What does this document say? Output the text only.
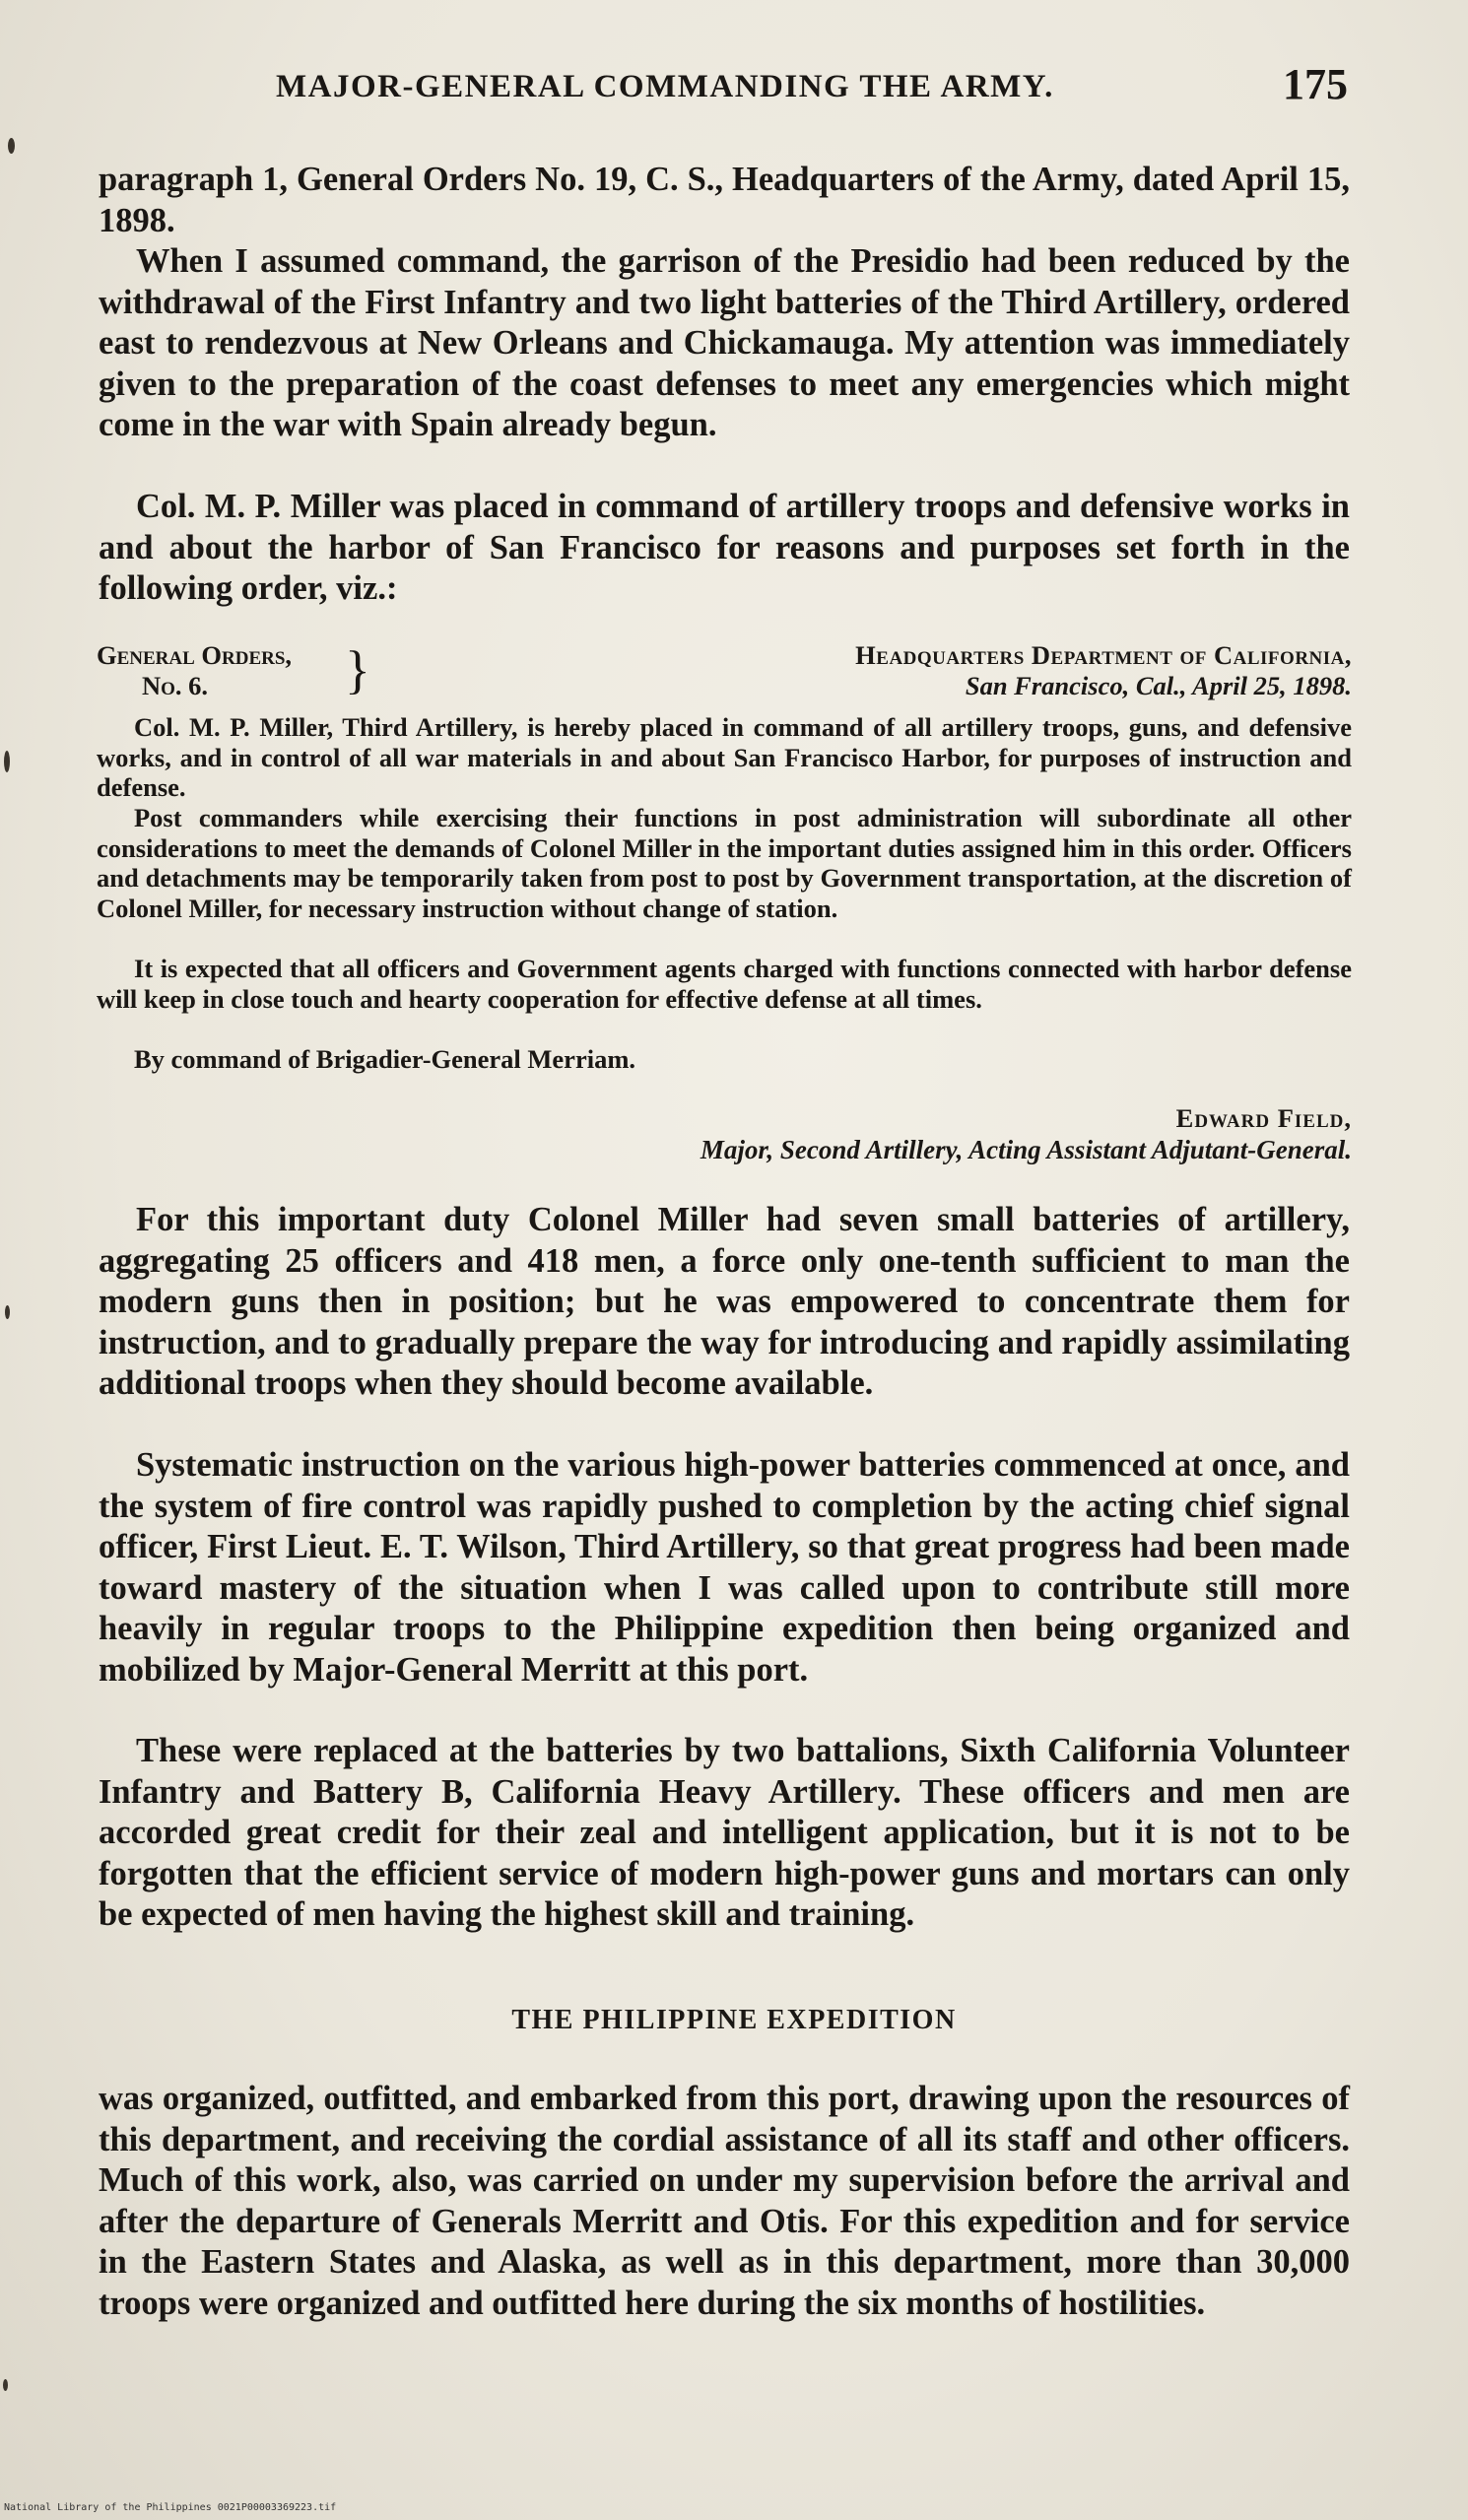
MAJOR-GENERAL COMMANDING THE ARMY.	175

paragraph 1, General Orders No. 19, C. S., Headquarters of the Army, dated April 15, 1898.

When I assumed command, the garrison of the Presidio had been reduced by the withdrawal of the First Infantry and two light batteries of the Third Artillery, ordered east to rendezvous at New Orleans and Chickamauga. My attention was immediately given to the preparation of the coast defenses to meet any emergencies which might come in the war with Spain already begun.

Col. M. P. Miller was placed in command of artillery troops and defensive works in and about the harbor of San Francisco for reasons and purposes set forth in the following order, viz.:

General Orders,
No. 6.	}	Headquarters Department of California,
San Francisco, Cal., April 25, 1898.

Col. M. P. Miller, Third Artillery, is hereby placed in command of all artillery troops, guns, and defensive works, and in control of all war materials in and about San Francisco Harbor, for purposes of instruction and defense.

Post commanders while exercising their functions in post administration will subordinate all other considerations to meet the demands of Colonel Miller in the important duties assigned him in this order. Officers and detachments may be temporarily taken from post to post by Government transportation, at the discretion of Colonel Miller, for necessary instruction without change of station.

It is expected that all officers and Government agents charged with functions connected with harbor defense will keep in close touch and hearty cooperation for effective defense at all times.

By command of Brigadier-General Merriam.

Edward Field,
Major, Second Artillery, Acting Assistant Adjutant-General.

For this important duty Colonel Miller had seven small batteries of artillery, aggregating 25 officers and 418 men, a force only one-tenth sufficient to man the modern guns then in position; but he was empowered to concentrate them for instruction, and to gradually prepare the way for introducing and rapidly assimilating additional troops when they should become available.

Systematic instruction on the various high-power batteries commenced at once, and the system of fire control was rapidly pushed to completion by the acting chief signal officer, First Lieut. E. T. Wilson, Third Artillery, so that great progress had been made toward mastery of the situation when I was called upon to contribute still more heavily in regular troops to the Philippine expedition then being organized and mobilized by Major-General Merritt at this port.

These were replaced at the batteries by two battalions, Sixth California Volunteer Infantry and Battery B, California Heavy Artillery. These officers and men are accorded great credit for their zeal and intelligent application, but it is not to be forgotten that the efficient service of modern high-power guns and mortars can only be expected of men having the highest skill and training.

THE PHILIPPINE EXPEDITION

was organized, outfitted, and embarked from this port, drawing upon the resources of this department, and receiving the cordial assistance of all its staff and other officers. Much of this work, also, was carried on under my supervision before the arrival and after the departure of Generals Merritt and Otis. For this expedition and for service in the Eastern States and Alaska, as well as in this department, more than 30,000 troops were organized and outfitted here during the six months of hostilities.

National Library of the Philippines 0021P00003369223.tif
